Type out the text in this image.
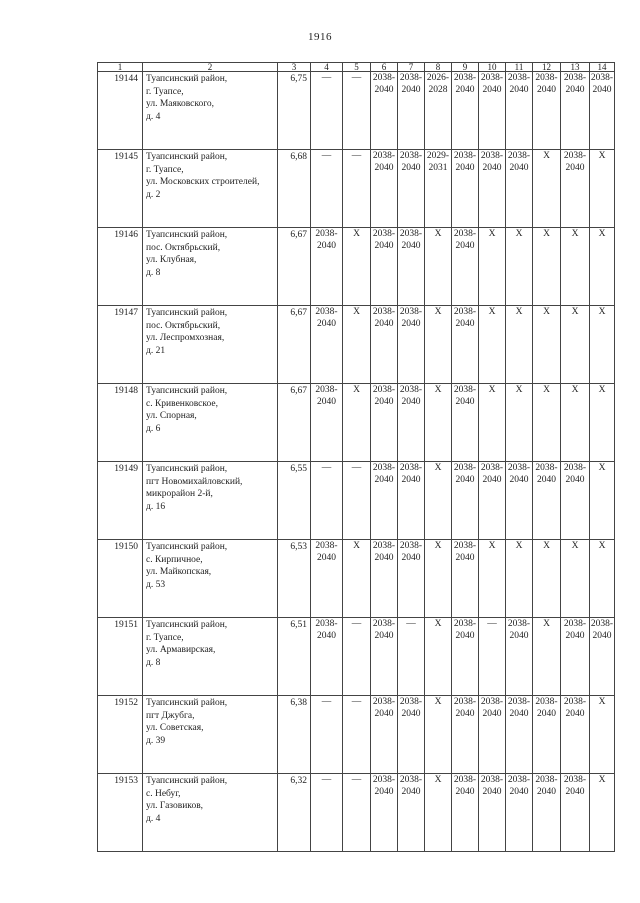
1916
1	2	3	4	5	6	7	8	9	10	11	12	13	14
19144	Туапсинский район,
г. Туапсе,
ул. Маяковского,
д. 4	6,75	—	—	2038-
2040	2038-
2040	2026-
2028	2038-
2040	2038-
2040	2038-
2040	2038-
2040	2038-
2040	2038-
2040

19145	Туапсинский район,
г. Туапсе,
ул. Московских строителей,
д. 2	6,68	—	—	2038-
2040	2038-
2040	2029-
2031	2038-
2040	2038-
2040	2038-
2040	X	2038-
2040	X

19146	Туапсинский район,
пос. Октябрьский,
ул. Клубная,
д. 8	6,67	2038-
2040	X	2038-
2040	2038-
2040	X	2038-
2040	X	X	X	X	X

19147	Туапсинский район,
пос. Октябрьский,
ул. Леспромхозная,
д. 21	6,67	2038-
2040	X	2038-
2040	2038-
2040	X	2038-
2040	X	X	X	X	X

19148	Туапсинский район,
с. Кривенковское,
ул. Спорная,
д. 6	6,67	2038-
2040	X	2038-
2040	2038-
2040	X	2038-
2040	X	X	X	X	X

19149	Туапсинский район,
пгт Новомихайловский,
микрорайон 2-й,
д. 16	6,55	—	—	2038-
2040	2038-
2040	X	2038-
2040	2038-
2040	2038-
2040	2038-
2040	2038-
2040	X

19150	Туапсинский район,
с. Кирпичное,
ул. Майкопская,
д. 53	6,53	2038-
2040	X	2038-
2040	2038-
2040	X	2038-
2040	X	X	X	X	X

19151	Туапсинский район,
г. Туапсе,
ул. Армавирская,
д. 8	6,51	2038-
2040	—	2038-
2040	—	X	2038-
2040	—	2038-
2040	X	2038-
2040	2038-
2040

19152	Туапсинский район,
пгт Джубга,
ул. Советская,
д. 39	6,38	—	—	2038-
2040	2038-
2040	X	2038-
2040	2038-
2040	2038-
2040	2038-
2040	2038-
2040	X

19153	Туапсинский район,
с. Небуг,
ул. Газовиков,
д. 4	6,32	—	—	2038-
2040	2038-
2040	X	2038-
2040	2038-
2040	2038-
2040	2038-
2040	2038-
2040	X
